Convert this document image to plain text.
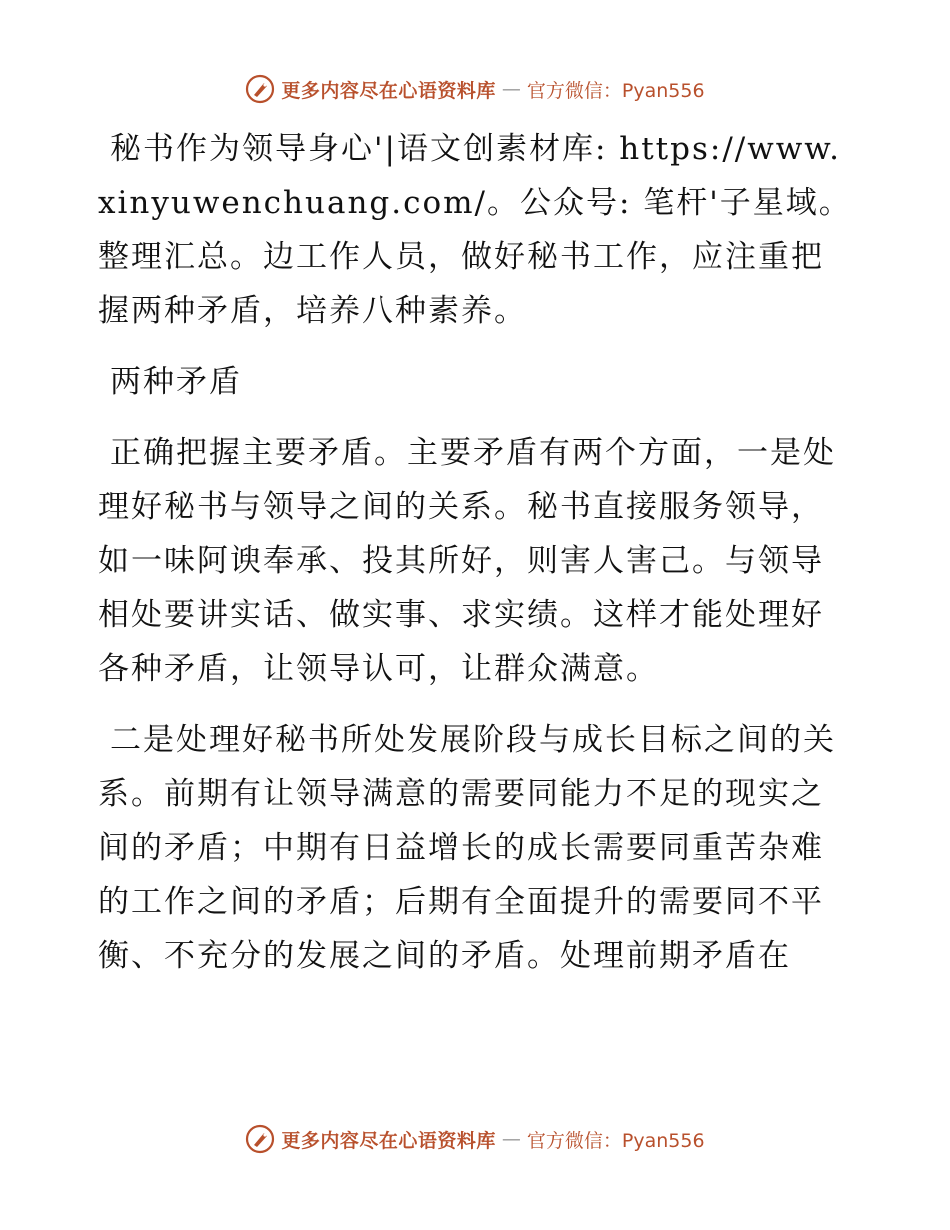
更多内容尽在心语资料库 — 官方微信：Pyan556

秘书作为领导身心'|语文创素材库: https://www.xinyuwenchuang.com/。公众号: 笔杆'子星域。整理汇总。边工作人员，做好秘书工作，应注重把握两种矛盾，培养八种素养。

两种矛盾

正确把握主要矛盾。主要矛盾有两个方面，一是处理好秘书与领导之间的关系。秘书直接服务领导，如一味阿谀奉承、投其所好，则害人害己。与领导相处要讲实话、做实事、求实绩。这样才能处理好各种矛盾，让领导认可，让群众满意。

二是处理好秘书所处发展阶段与成长目标之间的关系。前期有让领导满意的需要同能力不足的现实之间的矛盾；中期有日益增长的成长需要同重苦杂难的工作之间的矛盾；后期有全面提升的需要同不平衡、不充分的发展之间的矛盾。处理前期矛盾在

更多内容尽在心语资料库 — 官方微信：Pyan556
